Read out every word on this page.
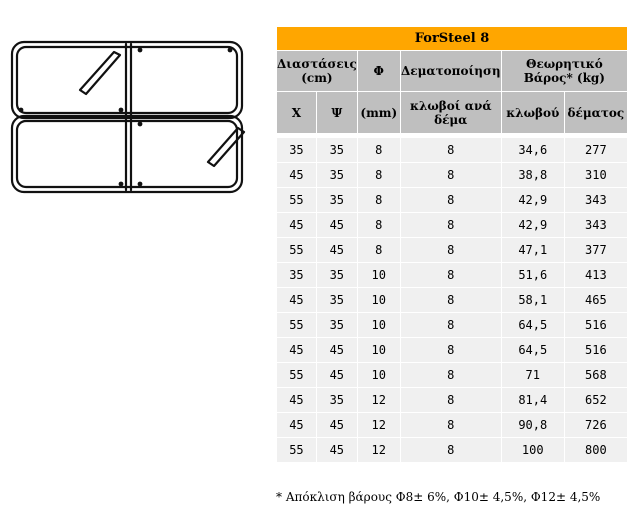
ForSteel 8					
Διαστάσεις (cm)		Φ	Δεματοποίηση	Θεωρητικό Βάρος* (kg)	
Χ	Ψ	(mm)	κλωβοί ανά δέμα	κλωβού	δέματος

35	35	8	8	34,6	277
45	35	8	8	38,8	310
55	35	8	8	42,9	343
45	45	8	8	42,9	343
55	45	8	8	47,1	377
35	35	10	8	51,6	413
45	35	10	8	58,1	465
55	35	10	8	64,5	516
45	45	10	8	64,5	516
55	45	10	8	71	568
45	35	12	8	81,4	652
45	45	12	8	90,8	726
55	45	12	8	100	800
* Απόκλιση βάρους Φ8± 6%, Φ10± 4,5%, Φ12± 4,5%
